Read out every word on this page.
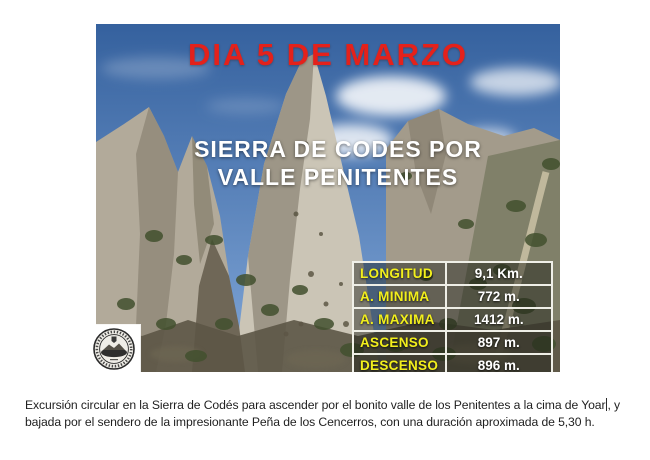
DIA 5 DE MARZO
SIERRA DE CODES POR
VALLE PENITENTES
LONGITUD	9,1 Km.
A. MINIMA	772 m.
A. MAXIMA	1412 m.
ASCENSO	897 m.
DESCENSO	896 m.
Excursión circular en la Sierra de Codés para ascender por el bonito valle de los Penitentes a la cima de Yoar , y bajada por el sendero de la impresionante Peña de los Cencerros, con una duración aproximada de 5,30 h.
